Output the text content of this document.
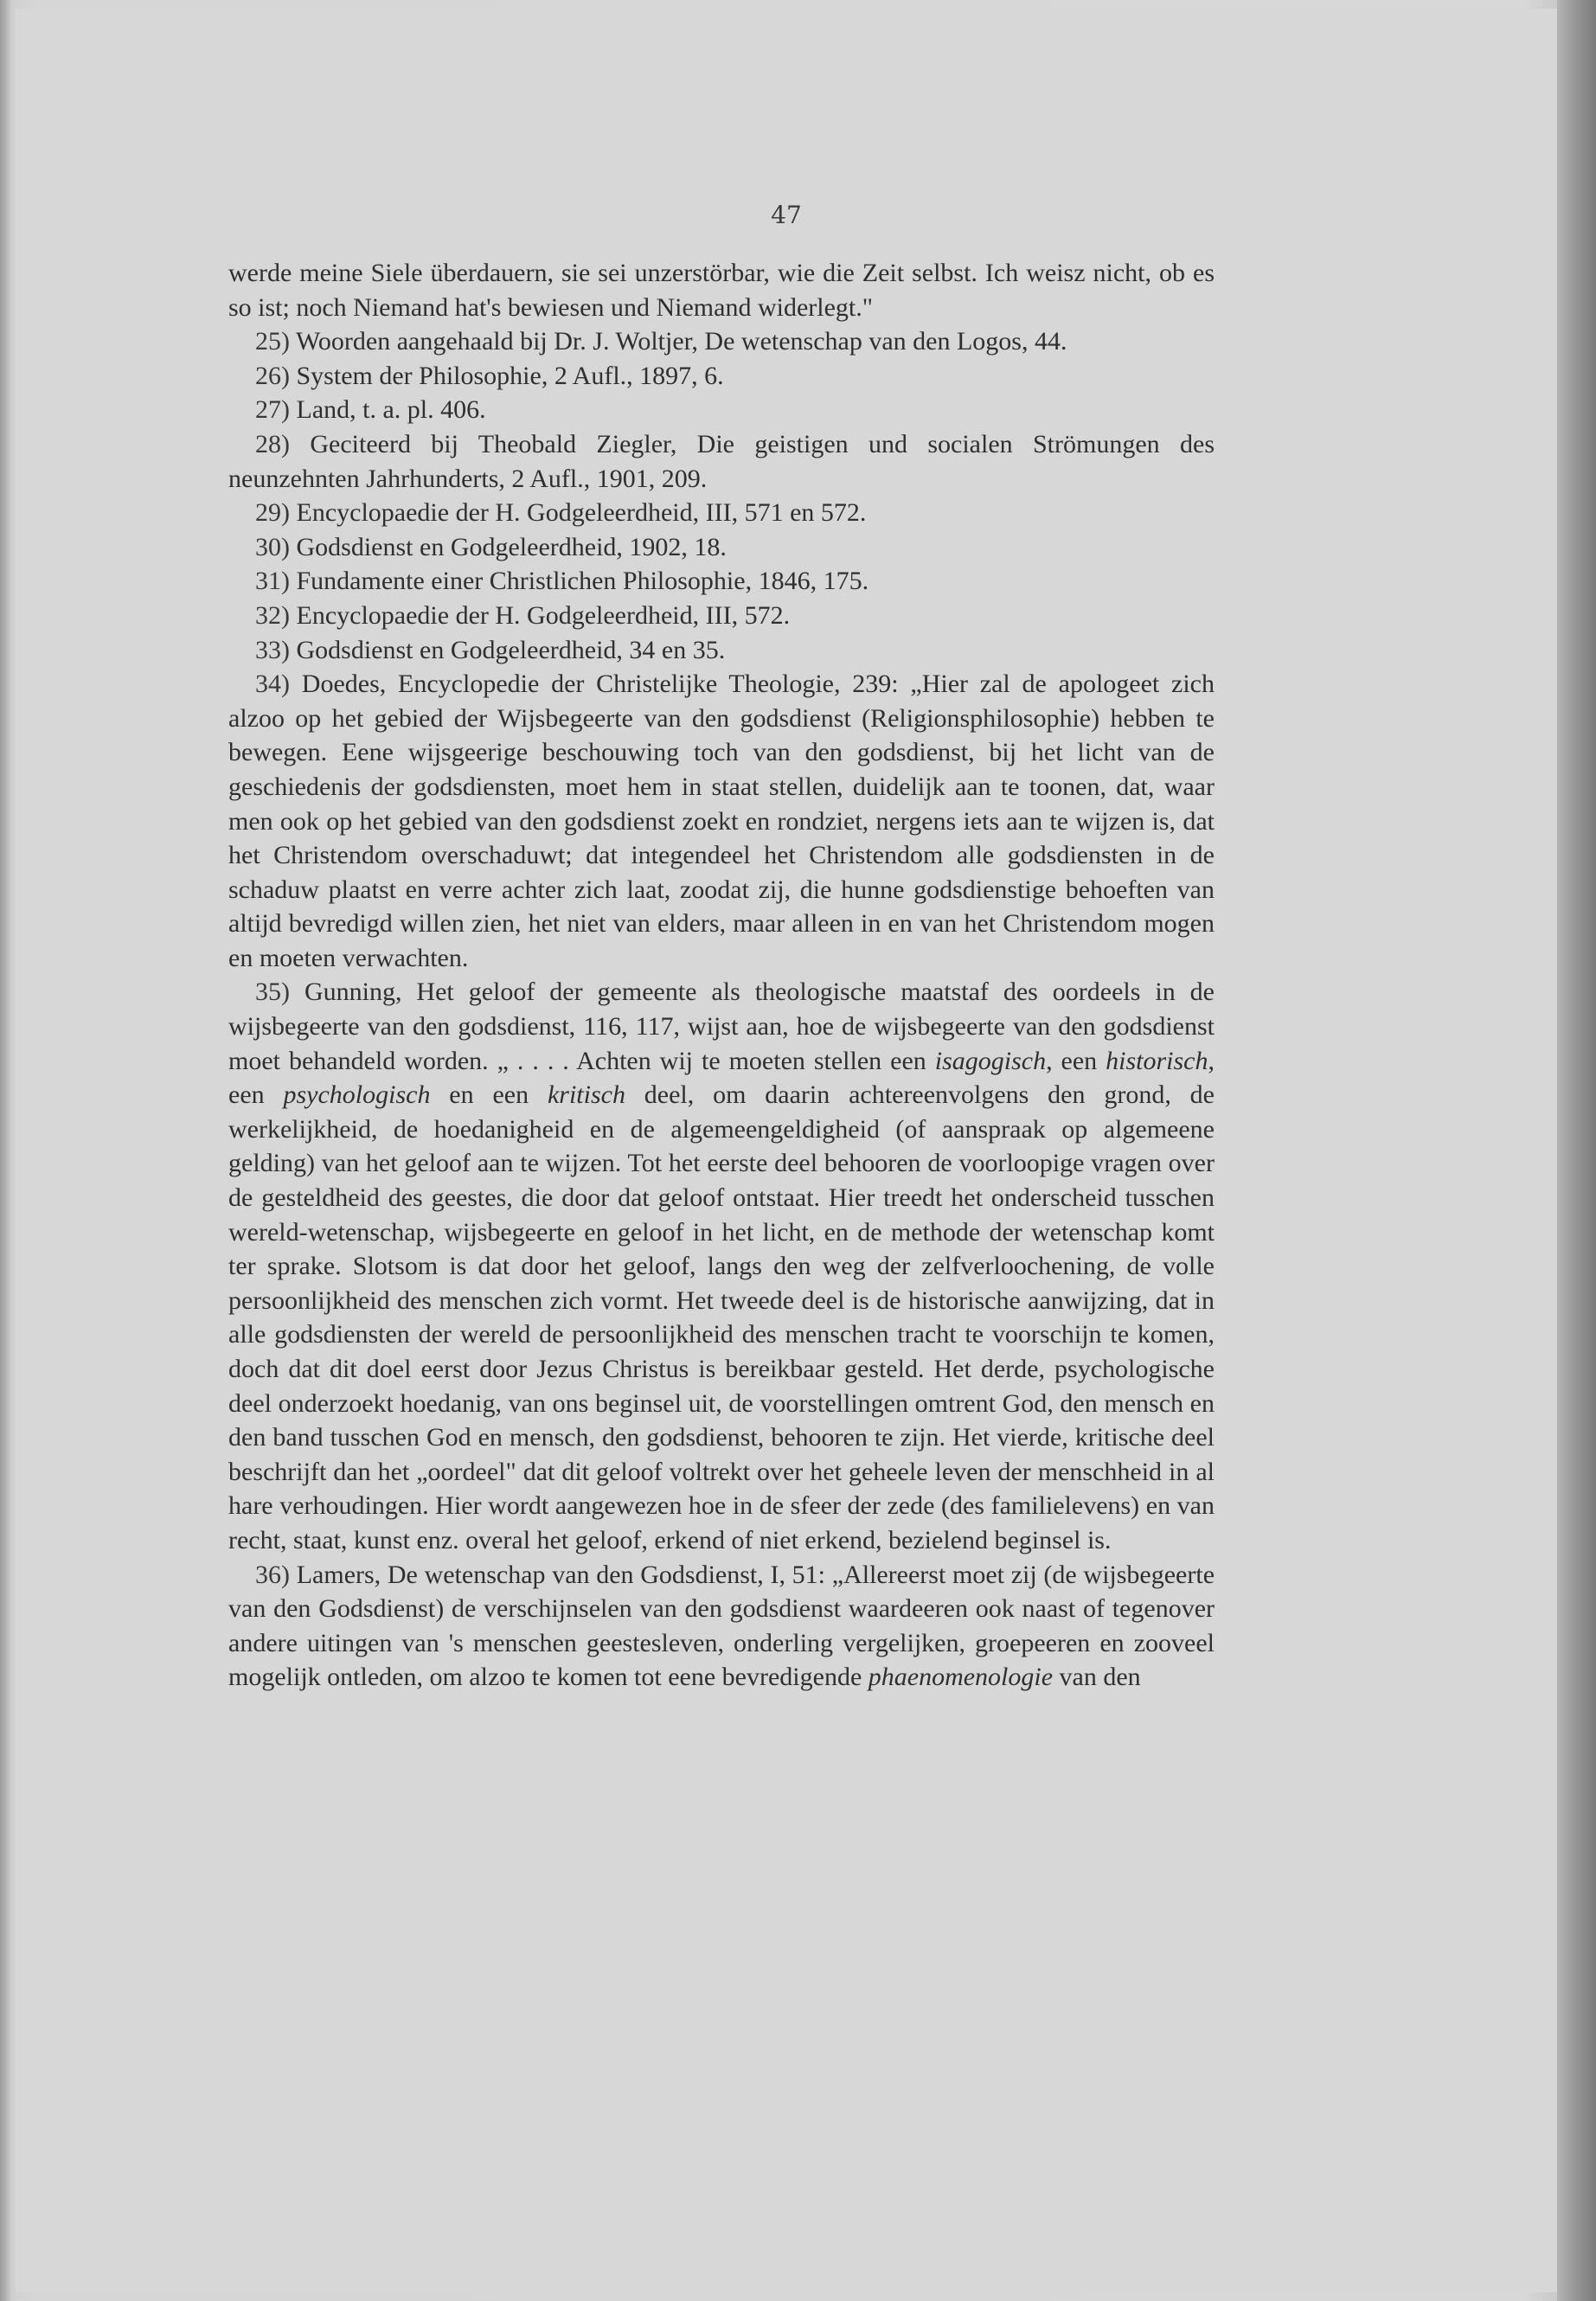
47

werde meine Siele überdauern, sie sei unzerstörbar, wie die Zeit selbst. Ich weisz nicht, ob es so ist; noch Niemand hat's bewiesen und Niemand widerlegt."

25) Woorden aangehaald bij Dr. J. Woltjer, De wetenschap van den Logos, 44.

26) System der Philosophie, 2 Aufl., 1897, 6.

27) Land, t. a. pl. 406.

28) Geciteerd bij Theobald Ziegler, Die geistigen und socialen Strömungen des neunzehnten Jahrhunderts, 2 Aufl., 1901, 209.

29) Encyclopaedie der H. Godgeleerdheid, III, 571 en 572.

30) Godsdienst en Godgeleerdheid, 1902, 18.

31) Fundamente einer Christlichen Philosophie, 1846, 175.

32) Encyclopaedie der H. Godgeleerdheid, III, 572.

33) Godsdienst en Godgeleerdheid, 34 en 35.

34) Doedes, Encyclopedie der Christelijke Theologie, 239: „Hier zal de apologeet zich alzoo op het gebied der Wijsbegeerte van den godsdienst (Religionsphilosophie) hebben te bewegen. Eene wijsgeerige beschouwing toch van den godsdienst, bij het licht van de geschiedenis der godsdiensten, moet hem in staat stellen, duidelijk aan te toonen, dat, waar men ook op het gebied van den godsdienst zoekt en rondziet, nergens iets aan te wijzen is, dat het Christendom overschaduwt; dat integendeel het Christendom alle godsdiensten in de schaduw plaatst en verre achter zich laat, zoodat zij, die hunne godsdienstige behoeften van altijd bevredigd willen zien, het niet van elders, maar alleen in en van het Christendom mogen en moeten verwachten.

35) Gunning, Het geloof der gemeente als theologische maatstaf des oordeels in de wijsbegeerte van den godsdienst, 116, 117, wijst aan, hoe de wijsbegeerte van den godsdienst moet behandeld worden. „ . . . . Achten wij te moeten stellen een isagogisch, een historisch, een psychologisch en een kritisch deel, om daarin achtereenvolgens den grond, de werkelijkheid, de hoedanigheid en de algemeengeldigheid (of aanspraak op algemeene gelding) van het geloof aan te wijzen. Tot het eerste deel behooren de voorloopige vragen over de gesteldheid des geestes, die door dat geloof ontstaat. Hier treedt het onderscheid tusschen wereld-wetenschap, wijsbegeerte en geloof in het licht, en de methode der wetenschap komt ter sprake. Slotsom is dat door het geloof, langs den weg der zelfverloochening, de volle persoonlijkheid des menschen zich vormt. Het tweede deel is de historische aanwijzing, dat in alle godsdiensten der wereld de persoonlijkheid des menschen tracht te voorschijn te komen, doch dat dit doel eerst door Jezus Christus is bereikbaar gesteld. Het derde, psychologische deel onderzoekt hoedanig, van ons beginsel uit, de voorstellingen omtrent God, den mensch en den band tusschen God en mensch, den godsdienst, behooren te zijn. Het vierde, kritische deel beschrijft dan het „oordeel" dat dit geloof voltrekt over het geheele leven der menschheid in al hare verhoudingen. Hier wordt aangewezen hoe in de sfeer der zede (des familielevens) en van recht, staat, kunst enz. overal het geloof, erkend of niet erkend, bezielend beginsel is.

36) Lamers, De wetenschap van den Godsdienst, I, 51: „Allereerst moet zij (de wijsbegeerte van den Godsdienst) de verschijnselen van den godsdienst waardeeren ook naast of tegenover andere uitingen van 's menschen geestesleven, onderling vergelijken, groepeeren en zooveel mogelijk ontleden, om alzoo te komen tot eene bevredigende phaenomenologie van den
